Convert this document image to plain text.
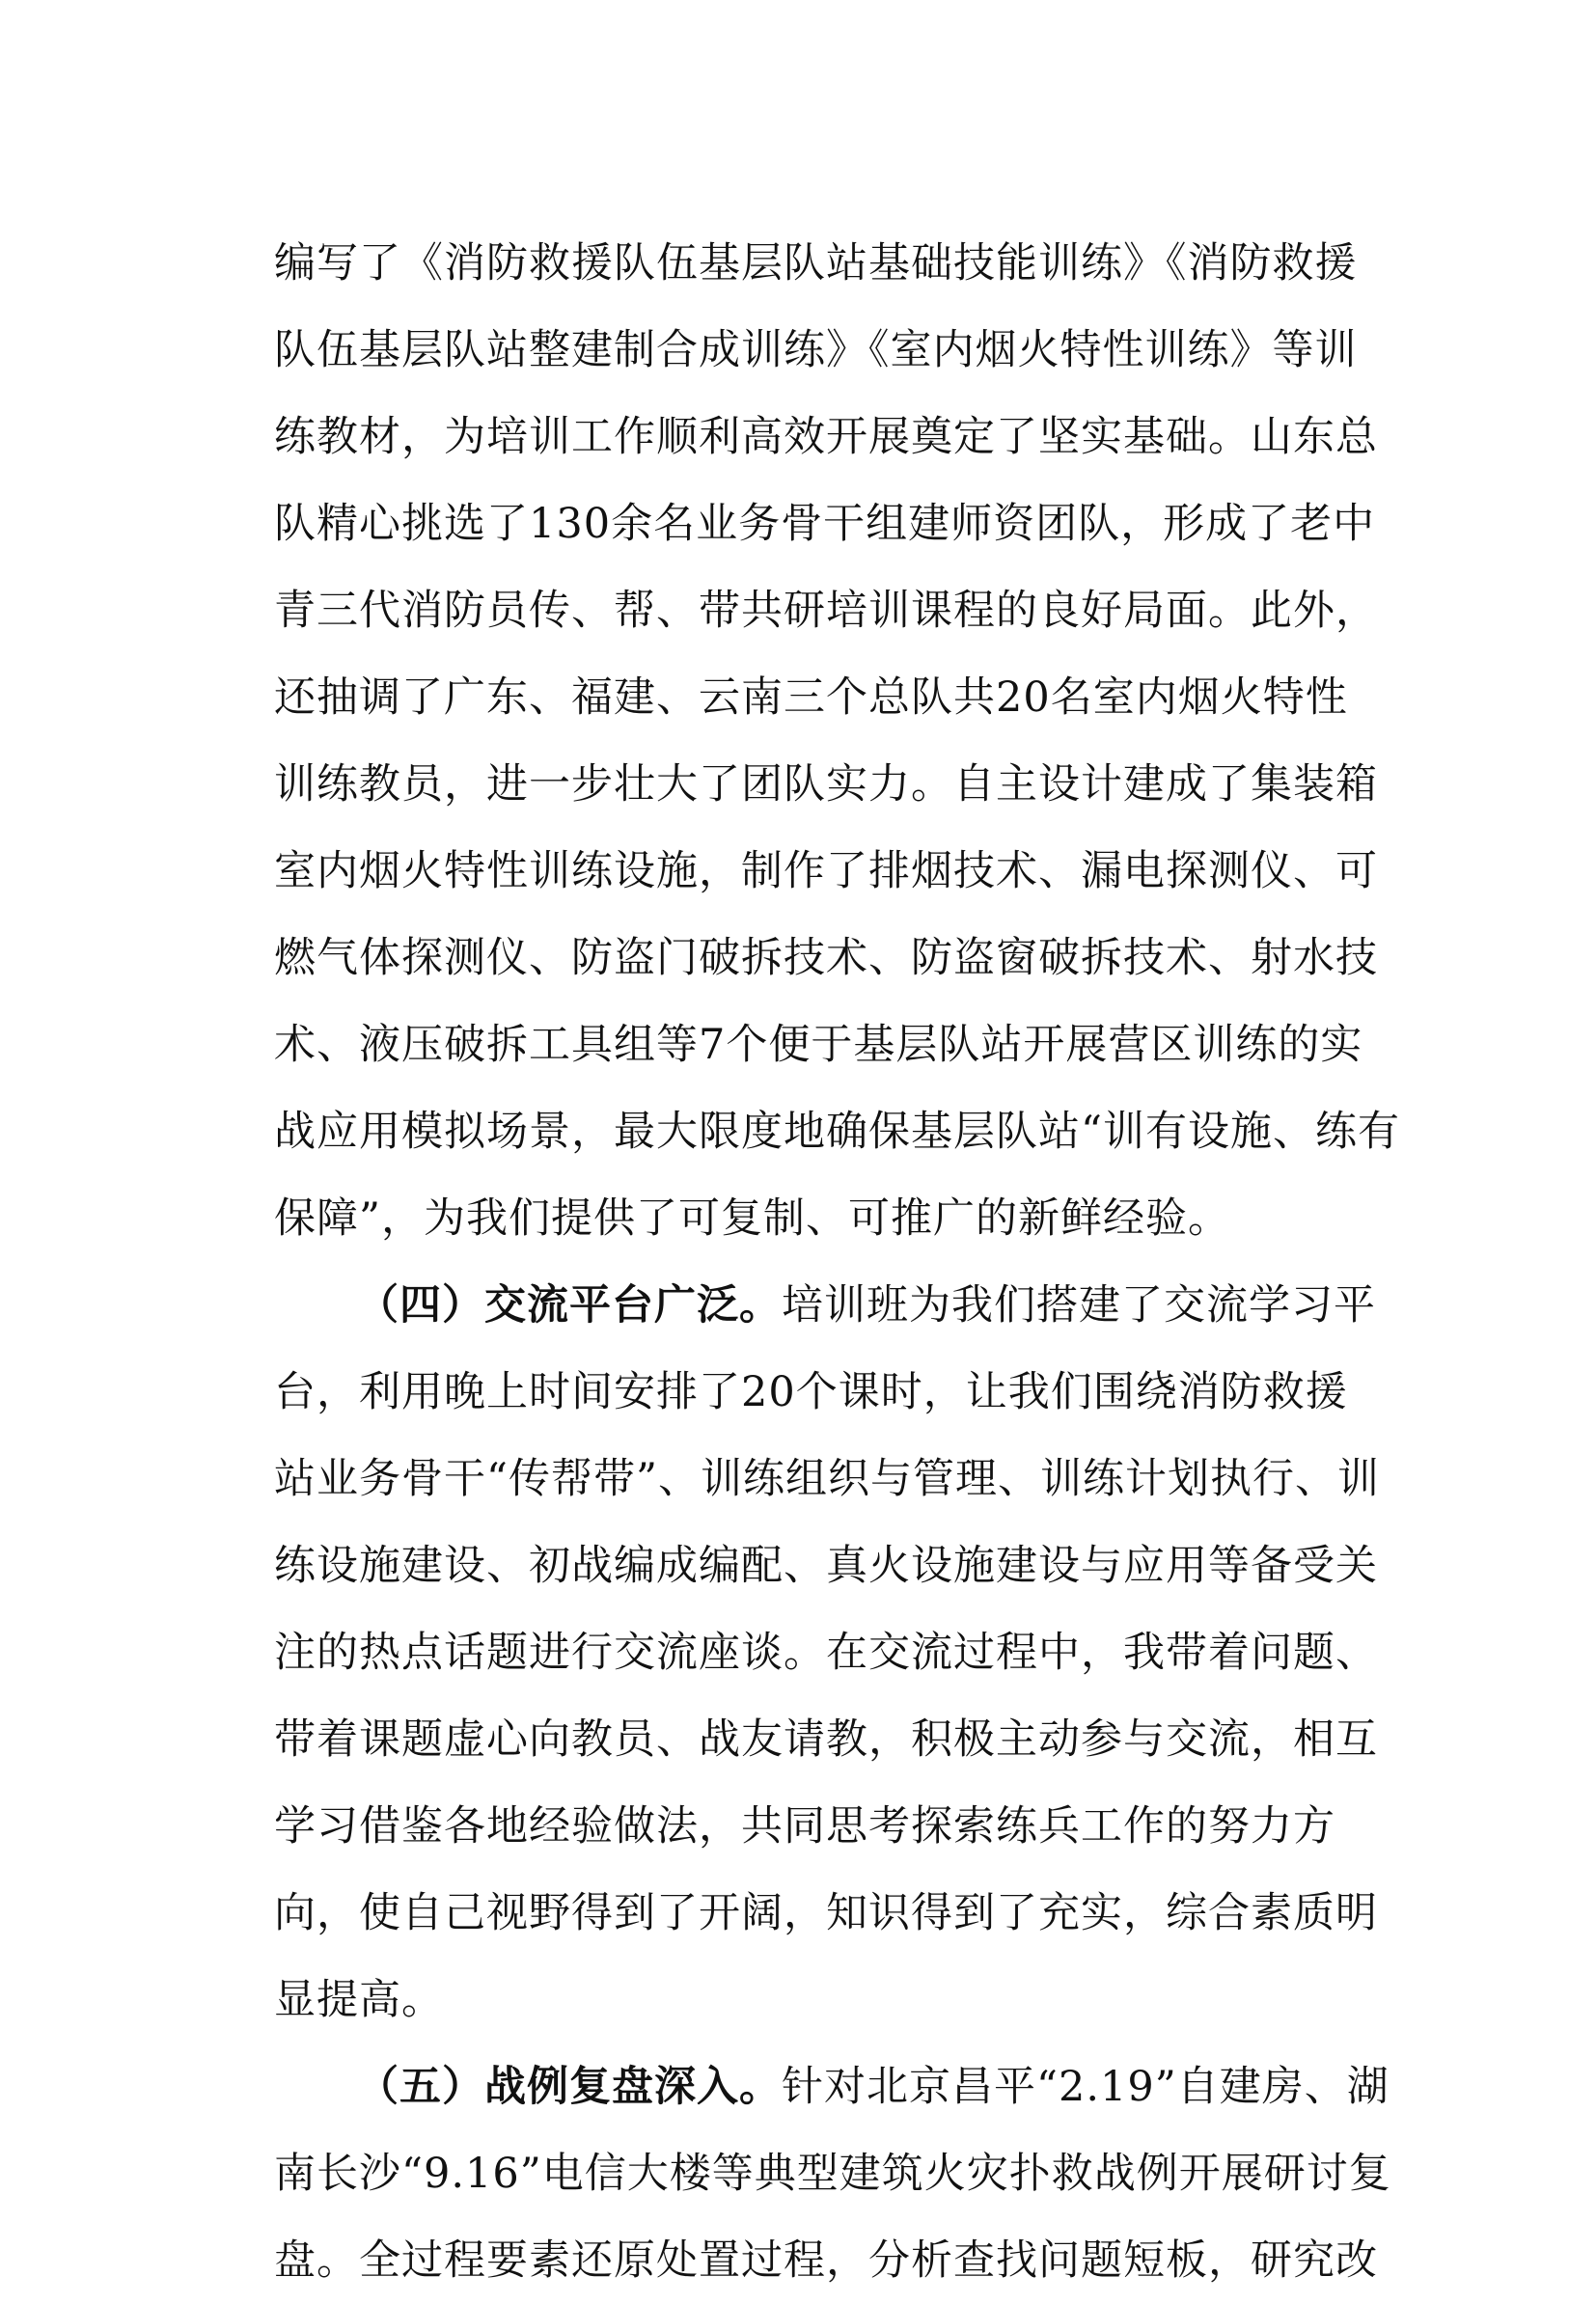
编写了《消防救援队伍基层队站基础技能训练》《消防救援
队伍基层队站整建制合成训练》《室内烟火特性训练》等训
练教材，为培训工作顺利高效开展奠定了坚实基础。山东总
队精心挑选了130余名业务骨干组建师资团队，形成了老中
青三代消防员传、帮、带共研培训课程的良好局面。此外，
还抽调了广东、福建、云南三个总队共20名室内烟火特性
训练教员，进一步壮大了团队实力。自主设计建成了集装箱
室内烟火特性训练设施，制作了排烟技术、漏电探测仪、可
燃气体探测仪、防盗门破拆技术、防盗窗破拆技术、射水技
术、液压破拆工具组等7个便于基层队站开展营区训练的实
战应用模拟场景，最大限度地确保基层队站“训有设施、练有
保障”，为我们提供了可复制、可推广的新鲜经验。
（四）交流平台广泛。培训班为我们搭建了交流学习平
台，利用晚上时间安排了20个课时，让我们围绕消防救援
站业务骨干“传帮带”、训练组织与管理、训练计划执行、训
练设施建设、初战编成编配、真火设施建设与应用等备受关
注的热点话题进行交流座谈。在交流过程中，我带着问题、
带着课题虚心向教员、战友请教，积极主动参与交流，相互
学习借鉴各地经验做法，共同思考探索练兵工作的努力方
向，使自己视野得到了开阔，知识得到了充实，综合素质明
显提高。
（五）战例复盘深入。针对北京昌平“2.19”自建房、湖
南长沙“9.16”电信大楼等典型建筑火灾扑救战例开展研讨复
盘。全过程要素还原处置过程，分析查找问题短板，研究改
